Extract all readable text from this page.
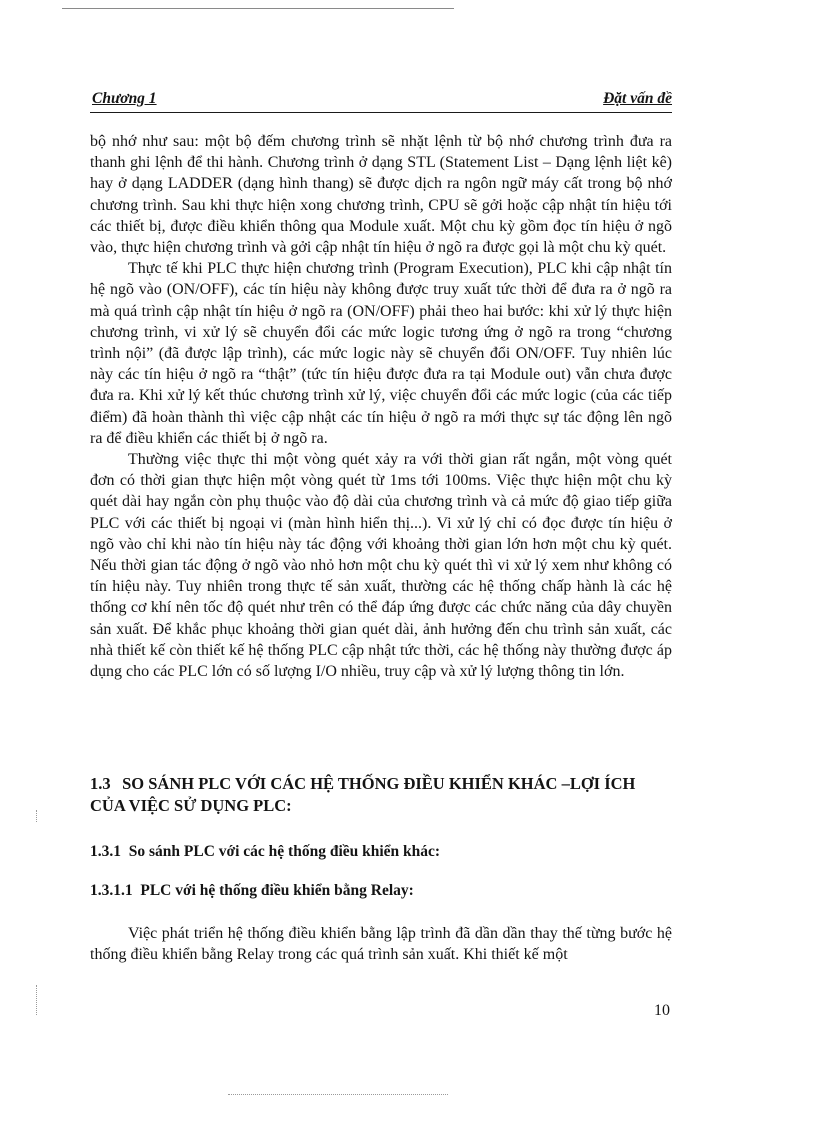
Chương 1	Đặt vấn đề

bộ nhớ như sau: một bộ đếm chương trình sẽ nhặt lệnh từ bộ nhớ chương trình đưa ra thanh ghi lệnh để thi hành. Chương trình ở dạng STL (Statement List – Dạng lệnh liệt kê) hay ở dạng LADDER (dạng hình thang) sẽ được dịch ra ngôn ngữ máy cất trong bộ nhớ chương trình. Sau khi thực hiện xong chương trình, CPU sẽ gởi hoặc cập nhật tín hiệu tới các thiết bị, được điều khiển thông qua Module xuất. Một chu kỳ gồm đọc tín hiệu ở ngõ vào, thực hiện chương trình và gởi cập nhật tín hiệu ở ngõ ra được gọi là một chu kỳ quét.

Thực tế khi PLC thực hiện chương trình (Program Execution), PLC khi cập nhật tín hệ ngõ vào (ON/OFF), các tín hiệu này không được truy xuất tức thời để đưa ra ở ngõ ra mà quá trình cập nhật tín hiệu ở ngõ ra (ON/OFF) phải theo hai bước: khi xử lý thực hiện chương trình, vi xử lý sẽ chuyển đổi các mức logic tương ứng ở ngõ ra trong “chương trình nội” (đã được lập trình), các mức logic này sẽ chuyển đổi ON/OFF. Tuy nhiên lúc này các tín hiệu ở ngõ ra “thật” (tức tín hiệu được đưa ra tại Module out) vẫn chưa được đưa ra. Khi xử lý kết thúc chương trình xử lý, việc chuyển đổi các mức logic (của các tiếp điểm) đã hoàn thành thì việc cập nhật các tín hiệu ở ngõ ra mới thực sự tác động lên ngõ ra để điều khiển các thiết bị ở ngõ ra.

Thường việc thực thi một vòng quét xảy ra với thời gian rất ngắn, một vòng quét đơn có thời gian thực hiện một vòng quét từ 1ms tới 100ms. Việc thực hiện một chu kỳ quét dài hay ngắn còn phụ thuộc vào độ dài của chương trình và cả mức độ giao tiếp giữa PLC với các thiết bị ngoại vi (màn hình hiển thị...). Vi xử lý chỉ có đọc được tín hiệu ở ngõ vào chỉ khi nào tín hiệu này tác động với khoảng thời gian lớn hơn một chu kỳ quét. Nếu thời gian tác động ở ngõ vào nhỏ hơn một chu kỳ quét thì vi xử lý xem như không có tín hiệu này. Tuy nhiên trong thực tế sản xuất, thường các hệ thống chấp hành là các hệ thống cơ khí nên tốc độ quét như trên có thể đáp ứng được các chức năng của dây chuyền sản xuất. Để khắc phục khoảng thời gian quét dài, ảnh hưởng đến chu trình sản xuất, các nhà thiết kế còn thiết kế hệ thống PLC cập nhật tức thời, các hệ thống này thường được áp dụng cho các PLC lớn có số lượng I/O nhiều, truy cập và xử lý lượng thông tin lớn.

1.3 SO SÁNH PLC VỚI CÁC HỆ THỐNG ĐIỀU KHIỂN KHÁC –LỢI ÍCH CỦA VIỆC SỬ DỤNG PLC:
1.3.1 So sánh PLC với các hệ thống điều khiển khác:
1.3.1.1 PLC với hệ thống điều khiển bằng Relay:

Việc phát triển hệ thống điều khiển bằng lập trình đã dần dần thay thế từng bước hệ thống điều khiển bằng Relay trong các quá trình sản xuất. Khi thiết kế một

10
